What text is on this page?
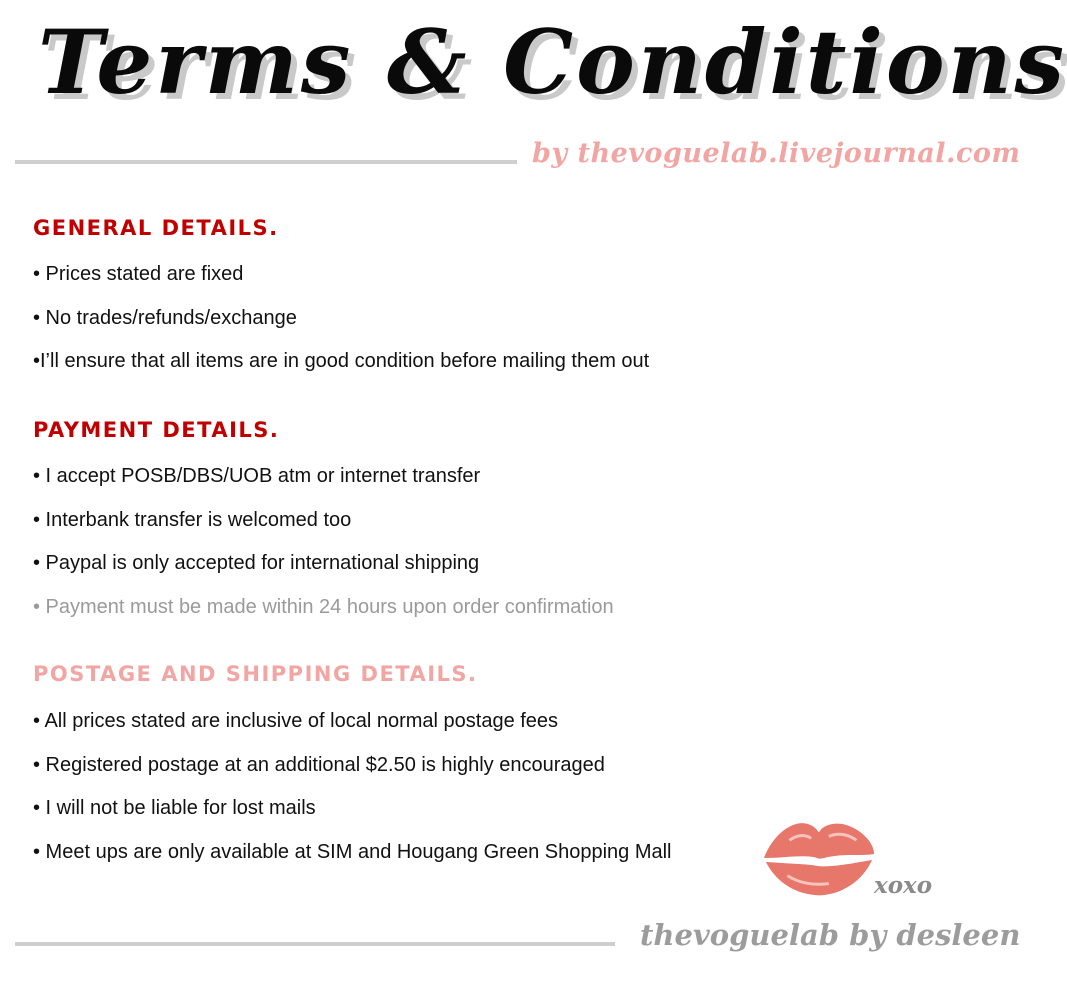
Terms & Conditions
by thevoguelab.livejournal.com
GENERAL DETAILS.
• Prices stated are fixed
• No trades/refunds/exchange
•I’ll ensure that all items are in good condition before mailing them out
PAYMENT DETAILS.
• I accept POSB/DBS/UOB atm or internet transfer
• Interbank transfer is welcomed too
• Paypal is only accepted for international shipping
• Payment must be made within 24 hours upon order confirmation
POSTAGE AND SHIPPING DETAILS.
• All prices stated are inclusive of local normal postage fees
• Registered postage at an additional $2.50 is highly encouraged
• I will not be liable for lost mails
• Meet ups are only available at SIM and Hougang Green Shopping Mall
xoxo
thevoguelab by desleen
